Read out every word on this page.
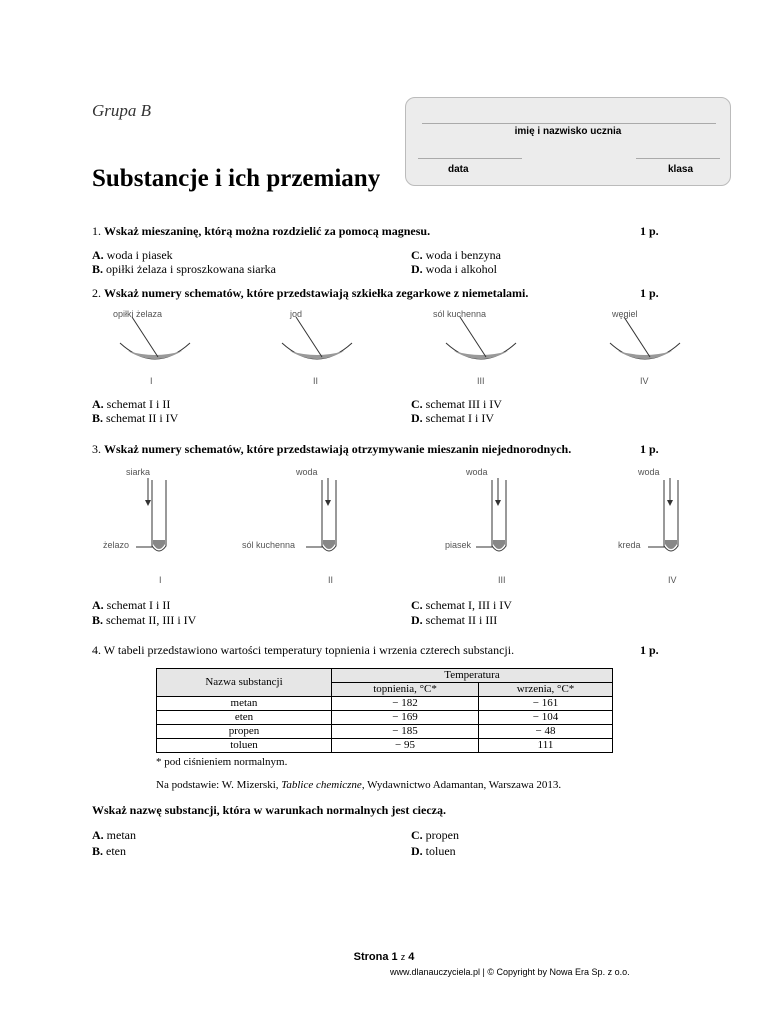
Grupa B
Substancje i ich przemiany
imię i nazwisko ucznia
data	klasa
1. Wskaż mieszaninę, którą można rozdzielić za pomocą magnesu.	1 p.
A. woda i piasek
B. opiłki żelaza i sproszkowana siarka
C. woda i benzyna
D. woda i alkohol
2. Wskaż numery schematów, które przedstawiają szkiełka zegarkowe z niemetalami.	1 p.
opiłki żelaza	jod	sól kuchenna	węgiel
I	II	III	IV
A. schemat I i II
B. schemat II i IV
C. schemat III i IV
D. schemat I i IV
3. Wskaż numery schematów, które przedstawiają otrzymywanie mieszanin niejednorodnych.	1 p.
siarka	woda	woda	woda
żelazo	sól kuchenna	piasek	kreda
I	II	III	IV
A. schemat I i II
B. schemat II, III i IV
C. schemat I, III i IV
D. schemat II i III
4. W tabeli przedstawiono wartości temperatury topnienia i wrzenia czterech substancji.	1 p.
Nazwa substancji	Temperatura	
	topnienia, °C*	wrzenia, °C*
metan	− 182	− 161
eten	− 169	− 104
propen	− 185	− 48
toluen	− 95	111
* pod ciśnieniem normalnym.
Na podstawie: W. Mizerski, Tablice chemiczne, Wydawnictwo Adamantan, Warszawa 2013.
Wskaż nazwę substancji, która w warunkach normalnych jest cieczą.
A. metan
B. eten
C. propen
D. toluen
Strona 1 z 4
www.dlanauczyciela.pl | © Copyright by Nowa Era Sp. z o.o.
